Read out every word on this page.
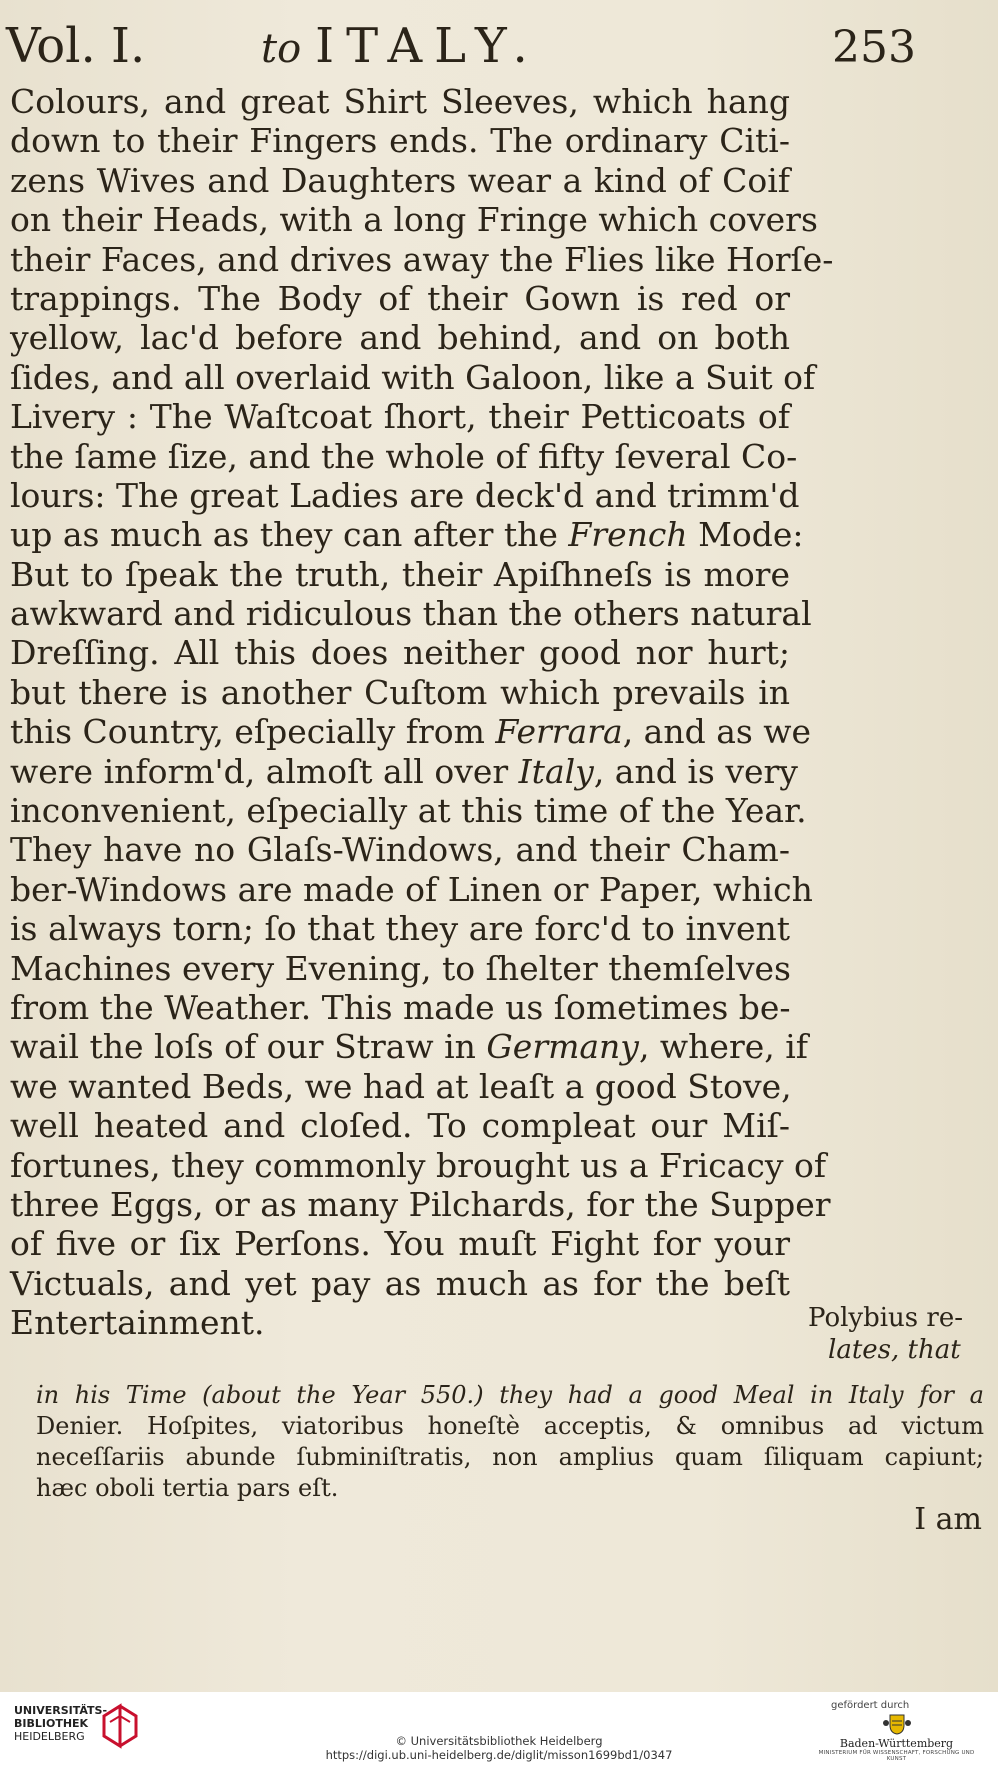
Vol. I.	to ITALY.	253
Colours, and great Shirt Sleeves, which hang
down to their Fingers ends. The ordinary Citi-
zens Wives and Daughters wear a kind of Coif
on their Heads, with a long Fringe which covers
their Faces, and drives away the Flies like Horſe-
trappings. The Body of their Gown is red or
yellow, lac'd before and behind, and on both
ſides, and all overlaid with Galoon, like a Suit of
Livery : The Waſtcoat ſhort, their Petticoats of
the ſame ſize, and the whole of fifty ſeveral Co-
lours: The great Ladies are deck'd and trimm'd
up as much as they can after the French Mode:
But to ſpeak the truth, their Apiſhneſs is more
awkward and ridiculous than the others natural
Dreſſing. All this does neither good nor hurt;
but there is another Cuſtom which prevails in
this Country, eſpecially from Ferrara, and as we
were inform'd, almoſt all over Italy, and is very
inconvenient, eſpecially at this time of the Year.
They have no Glaſs-Windows, and their Cham-
ber-Windows are made of Linen or Paper, which
is always torn; ſo that they are forc'd to invent
Machines every Evening, to ſhelter themſelves
from the Weather. This made us ſometimes be-
wail the loſs of our Straw in Germany, where, if
we wanted Beds, we had at leaſt a good Stove,
well heated and cloſed. To compleat our Miſ-
fortunes, they commonly brought us a Fricacy of
three Eggs, or as many Pilchards, for the Supper
of five or ſix Perſons. You muſt Fight for your
Victuals, and yet pay as much as for the beſt
Entertainment.	Polybius re-
lates, that
in his Time (about the Year 550.) they had a good Meal in Italy for a
Denier. Hoſpites, viatoribus honeſtè acceptis, & omnibus ad victum
neceſſariis abunde ſubminiſtratis, non amplius quam ſiliquam capiunt;
hæc oboli tertia pars eſt.
I am
UNIVERSITÄTS-
BIBLIOTHEK
HEIDELBERG	© Universitätsbibliothek Heidelberg
https://digi.ub.uni-heidelberg.de/diglit/misson1699bd1/0347
gefördert durch
Baden-Württemberg
MINISTERIUM FÜR WISSENSCHAFT, FORSCHUNG UND KUNST
